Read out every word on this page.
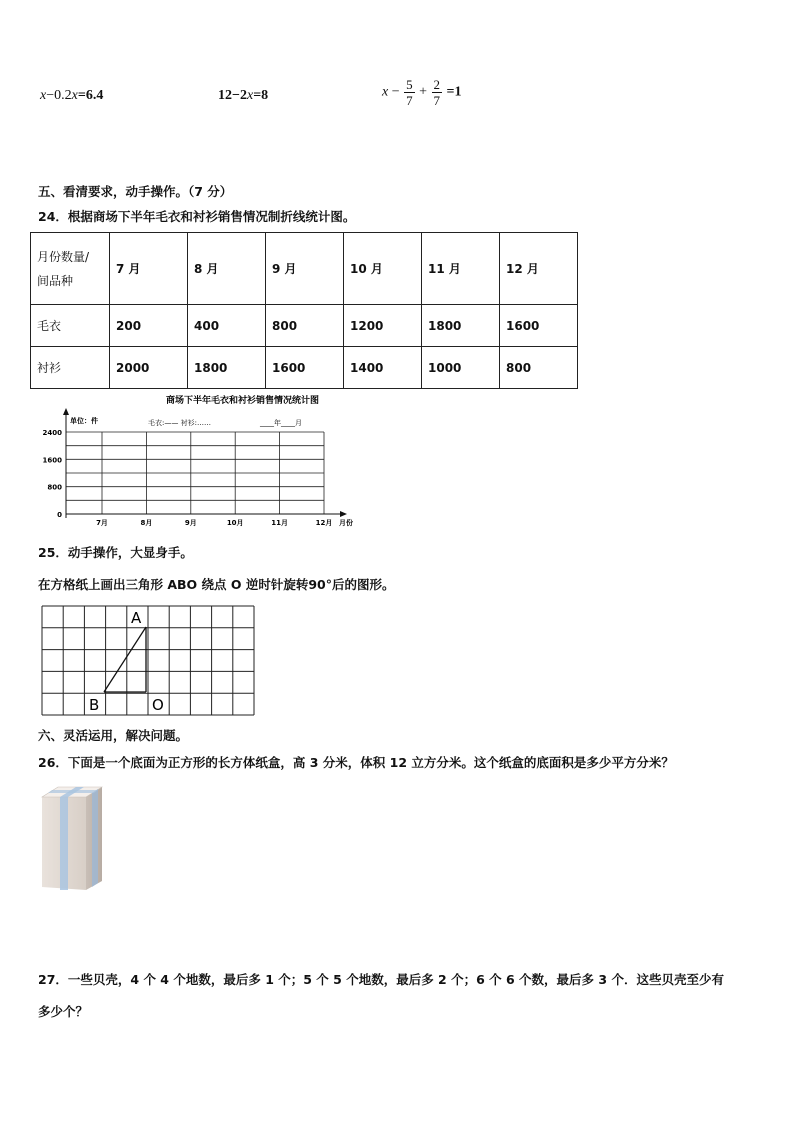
x−0.2x=6.4	12−2x=8	$x - \frac{5}{7} + \frac{2}{7} =1$
五、看清要求，动手操作。（7 分）
24．根据商场下半年毛衣和衬衫销售情况制折线统计图。
月份数量/
间品种	7 月	8 月	9 月	10 月	11 月	12 月
毛衣	200	400	800	1200	1800	1600
衬衫	2000	1800	1600	1400	1000	800
商场下半年毛衣和衬衫销售情况统计图
单位：件	毛衣:—— 衬衫:……	____年____月
0
800
1600
2400
7月	8月	9月	10月	11月	12月 月份
25．动手操作，大显身手。
在方格纸上画出三角形 ABO 绕点 O 逆时针旋转90°后的图形。
A
B	O
六、灵活运用，解决问题。
26．下面是一个底面为正方形的长方体纸盒，高 3 分米，体积 12 立方分米。这个纸盒的底面积是多少平方分米？
27．一些贝壳，4 个 4 个地数，最后多 1 个；5 个 5 个地数，最后多 2 个；6 个 6 个数，最后多 3 个．这些贝壳至少有
多少个？
